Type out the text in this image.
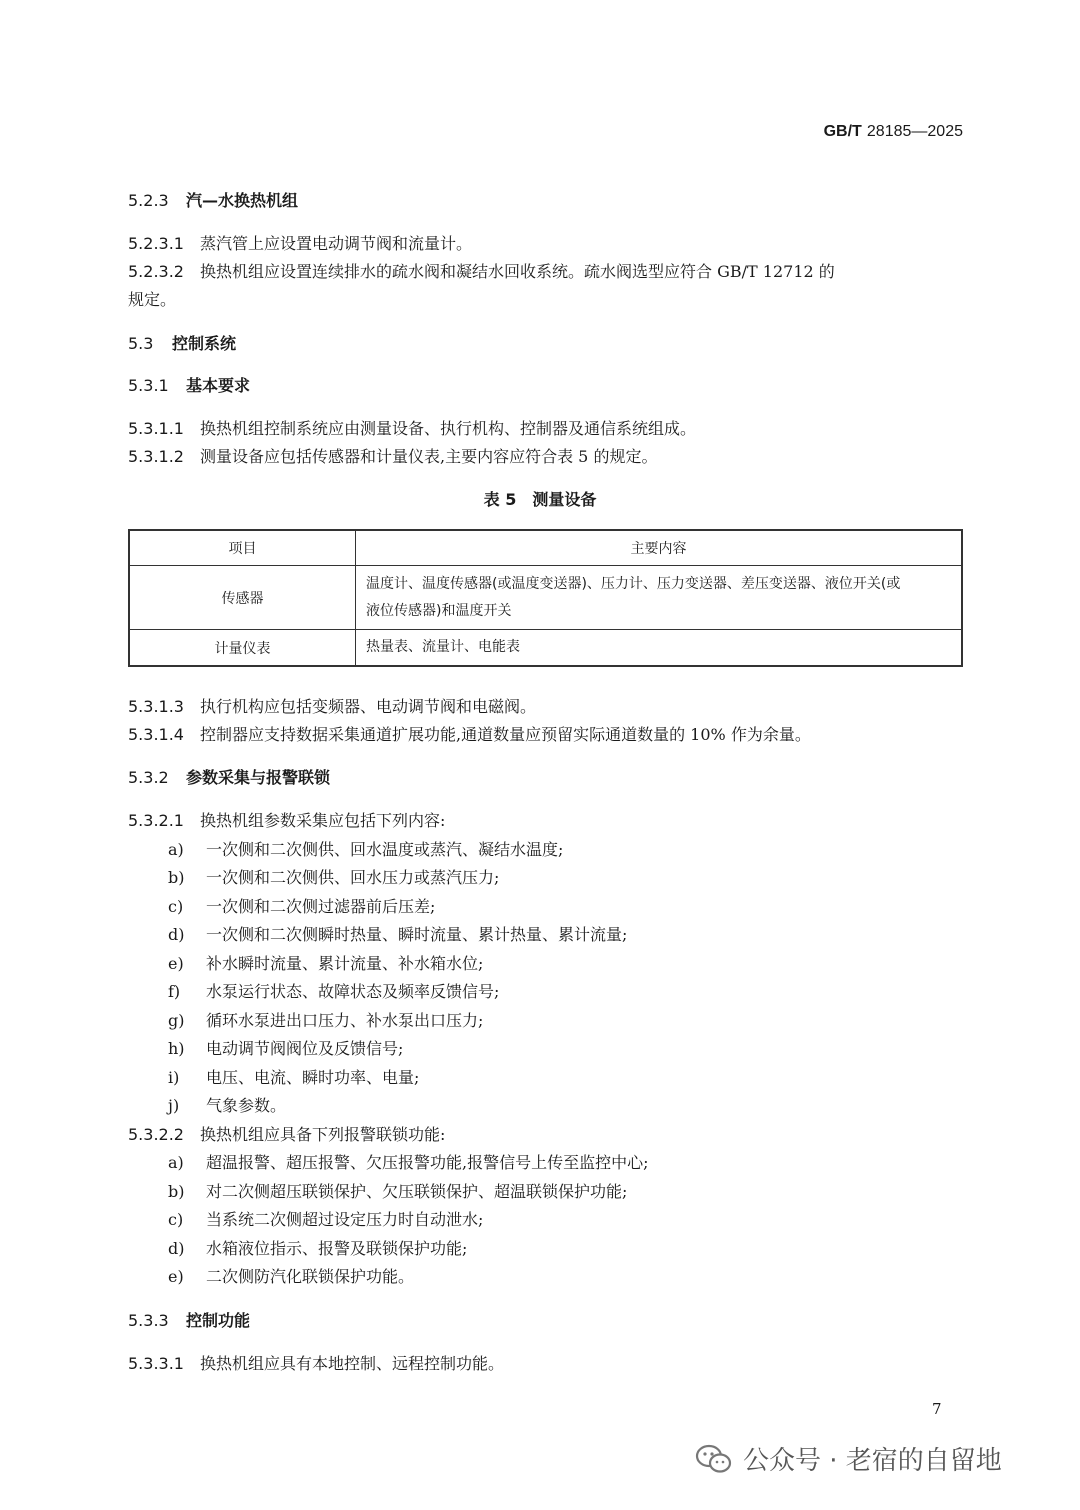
GB/T 28185—2025
5.2.3 汽—水换热机组
5.2.3.1 蒸汽管上应设置电动调节阀和流量计。
5.2.3.2 换热机组应设置连续排水的疏水阀和凝结水回收系统。疏水阀选型应符合 GB/T 12712 的
规定。
5.3 控制系统
5.3.1 基本要求
5.3.1.1 换热机组控制系统应由测量设备、执行机构、控制器及通信系统组成。
5.3.1.2 测量设备应包括传感器和计量仪表,主要内容应符合表 5 的规定。
表 5　测量设备
项目	主要内容
传感器	温度计、温度传感器(或温度变送器)、压力计、压力变送器、差压变送器、液位开关(或
液位传感器)和温度开关

计量仪表	热量表、流量计、电能表
5.3.1.3 执行机构应包括变频器、电动调节阀和电磁阀。
5.3.1.4 控制器应支持数据采集通道扩展功能,通道数量应预留实际通道数量的 10% 作为余量。
5.3.2 参数采集与报警联锁
5.3.2.1 换热机组参数采集应包括下列内容:
a) 一次侧和二次侧供、回水温度或蒸汽、凝结水温度;
b) 一次侧和二次侧供、回水压力或蒸汽压力;
c) 一次侧和二次侧过滤器前后压差;
d) 一次侧和二次侧瞬时热量、瞬时流量、累计热量、累计流量;
e) 补水瞬时流量、累计流量、补水箱水位;
f) 水泵运行状态、故障状态及频率反馈信号;
g) 循环水泵进出口压力、补水泵出口压力;
h) 电动调节阀阀位及反馈信号;
i) 电压、电流、瞬时功率、电量;
j) 气象参数。
5.3.2.2 换热机组应具备下列报警联锁功能:
a) 超温报警、超压报警、欠压报警功能,报警信号上传至监控中心;
b) 对二次侧超压联锁保护、欠压联锁保护、超温联锁保护功能;
c) 当系统二次侧超过设定压力时自动泄水;
d) 水箱液位指示、报警及联锁保护功能;
e) 二次侧防汽化联锁保护功能。
5.3.3 控制功能
5.3.3.1 换热机组应具有本地控制、远程控制功能。
7
公众号 · 老宿的自留地
